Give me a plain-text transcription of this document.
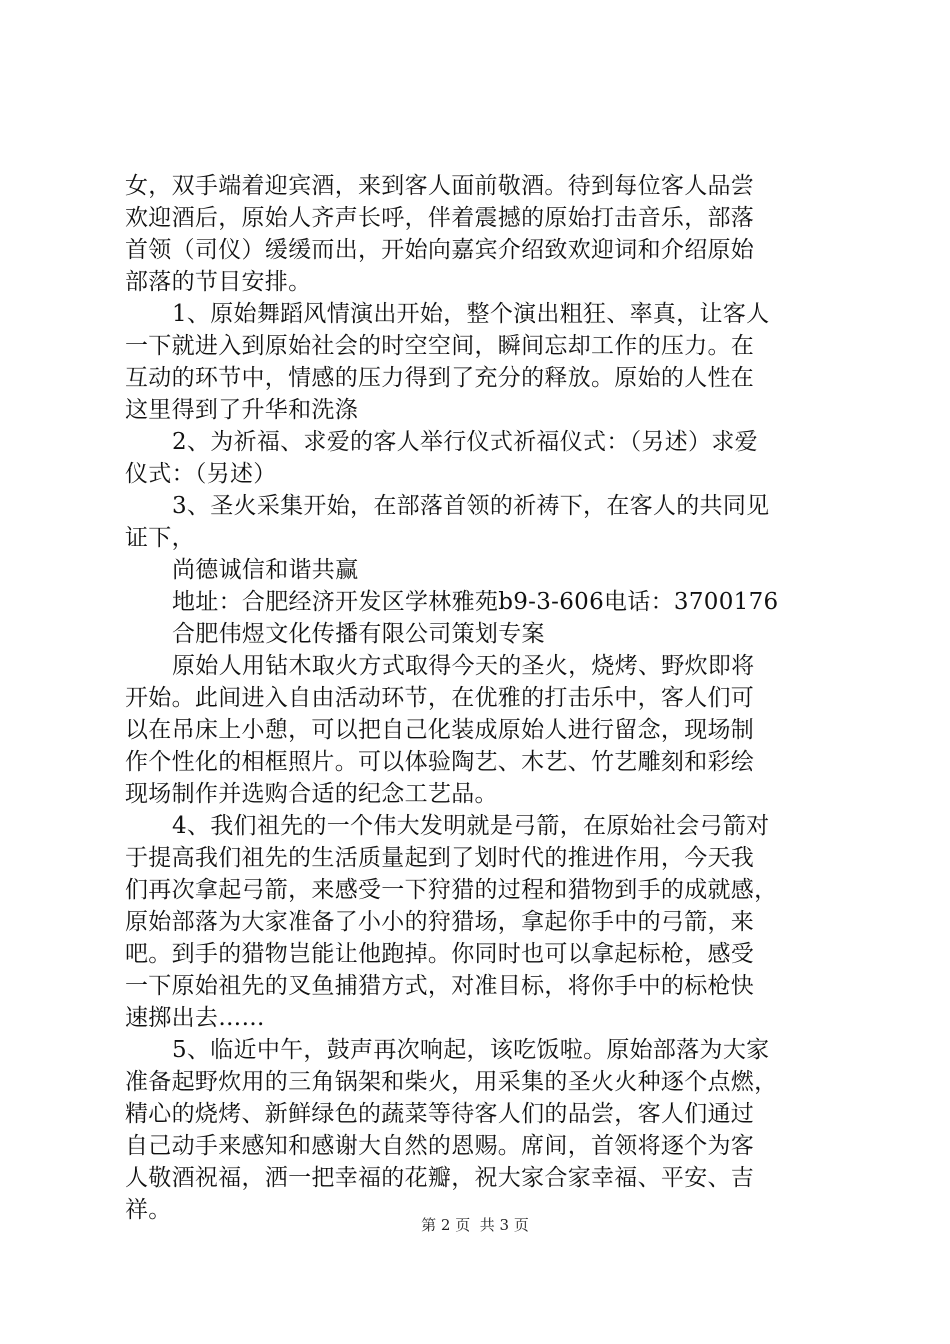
女，双手端着迎宾酒，来到客人面前敬酒。待到每位客人品尝
欢迎酒后，原始人齐声长呼，伴着震撼的原始打击音乐，部落
首领（司仪）缓缓而出，开始向嘉宾介绍致欢迎词和介绍原始
部落的节目安排。
1、原始舞蹈风情演出开始，整个演出粗狂、率真，让客人
一下就进入到原始社会的时空空间，瞬间忘却工作的压力。在
互动的环节中，情感的压力得到了充分的释放。原始的人性在
这里得到了升华和洗涤
2、为祈福、求爱的客人举行仪式祈福仪式：（另述）求爱
仪式：（另述）
3、圣火采集开始，在部落首领的祈祷下，在客人的共同见
证下，
尚德诚信和谐共赢
地址：合肥经济开发区学林雅苑b9-3-606电话：3700176
合肥伟煜文化传播有限公司策划专案
原始人用钻木取火方式取得今天的圣火，烧烤、野炊即将
开始。此间进入自由活动环节，在优雅的打击乐中，客人们可
以在吊床上小憩，可以把自己化装成原始人进行留念，现场制
作个性化的相框照片。可以体验陶艺、木艺、竹艺雕刻和彩绘
现场制作并选购合适的纪念工艺品。
4、我们祖先的一个伟大发明就是弓箭，在原始社会弓箭对
于提高我们祖先的生活质量起到了划时代的推进作用，今天我
们再次拿起弓箭，来感受一下狩猎的过程和猎物到手的成就感，
原始部落为大家准备了小小的狩猎场，拿起你手中的弓箭，来
吧。到手的猎物岂能让他跑掉。你同时也可以拿起标枪，感受
一下原始祖先的叉鱼捕猎方式，对准目标，将你手中的标枪快
速掷出去……
5、临近中午，鼓声再次响起，该吃饭啦。原始部落为大家
准备起野炊用的三角锅架和柴火，用采集的圣火火种逐个点燃，
精心的烧烤、新鲜绿色的蔬菜等待客人们的品尝，客人们通过
自己动手来感知和感谢大自然的恩赐。席间，首领将逐个为客
人敬酒祝福，洒一把幸福的花瓣，祝大家合家幸福、平安、吉
祥。
第 2 页  共 3 页
